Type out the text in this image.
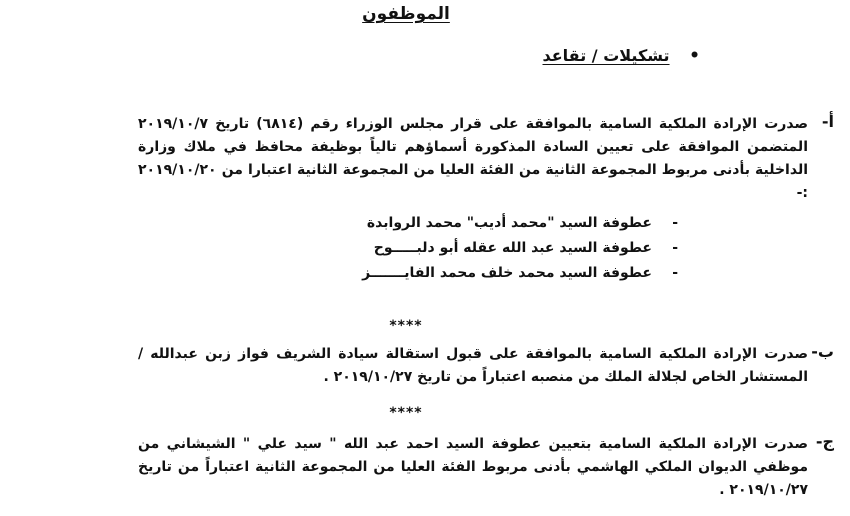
الموظفون
• تشكيلات / تقاعد
أ-
صدرت الإرادة الملكية السامية بالموافقة على قرار مجلس الوزراء رقم (٦٨١٤) تاريخ ٢٠١٩/١٠/٧ المتضمن الموافقة على تعيين السادة المذكورة أسماؤهم تالياً بوظيفة محافظ في ملاك وزارة الداخلية بأدنى مربوط المجموعة الثانية من الفئة العليا من المجموعة الثانية اعتبارا من ٢٠١٩/١٠/٢٠ :-
-عطوفة السيد "محمد أديب" محمد الروابدة
-عطوفة السيد عبد الله عقله أبو دلبـــــوح
-عطوفة السيد محمد خلف محمد الفايـــــــز
****
ب-
صدرت الإرادة الملكية السامية بالموافقة على قبول استقالة سيادة الشريف فواز زبن عبدالله /المستشار الخاص لجلالة الملك من منصبه اعتباراً من تاريخ ٢٠١٩/١٠/٢٧ .
****
ج-
صدرت الإرادة الملكية السامية بتعيين عطوفة السيد احمد عبد الله " سيد علي " الشيشاني من موظفي الديوان الملكي الهاشمي بأدنى مربوط الفئة العليا من المجموعة الثانية اعتباراً من تاريخ ٢٠١٩/١٠/٢٧ .
